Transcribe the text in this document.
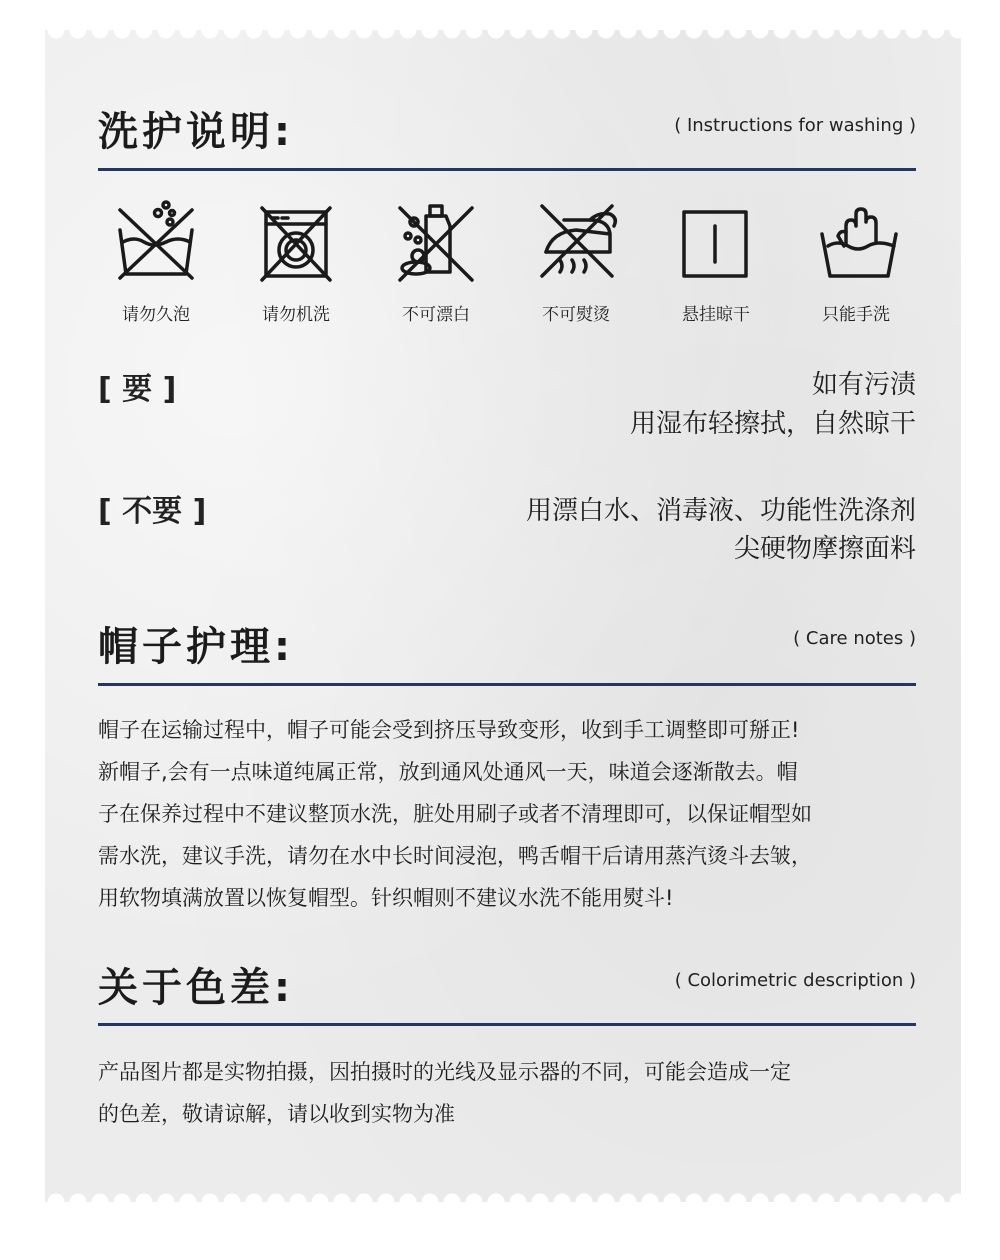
洗护说明:	( Instructions for washing )
请勿久泡	请勿机洗	不可漂白	不可熨烫	悬挂晾干	只能手洗
[ 要 ]	如有污渍
用湿布轻擦拭，自然晾干
[ 不要 ]	用漂白水、消毒液、功能性洗涤剂
尖硬物摩擦面料
帽子护理:	( Care notes )
帽子在运输过程中，帽子可能会受到挤压导致变形，收到手工调整即可掰正!
新帽子,会有一点味道纯属正常，放到通风处通风一天，味道会逐渐散去。帽
子在保养过程中不建议整顶水洗，脏处用刷子或者不清理即可，以保证帽型如
需水洗，建议手洗，请勿在水中长时间浸泡，鸭舌帽干后请用蒸汽烫斗去皱，
用软物填满放置以恢复帽型。针织帽则不建议水洗不能用熨斗!
关于色差:	( Colorimetric description )
产品图片都是实物拍摄，因拍摄时的光线及显示器的不同，可能会造成一定
的色差，敬请谅解，请以收到实物为准
